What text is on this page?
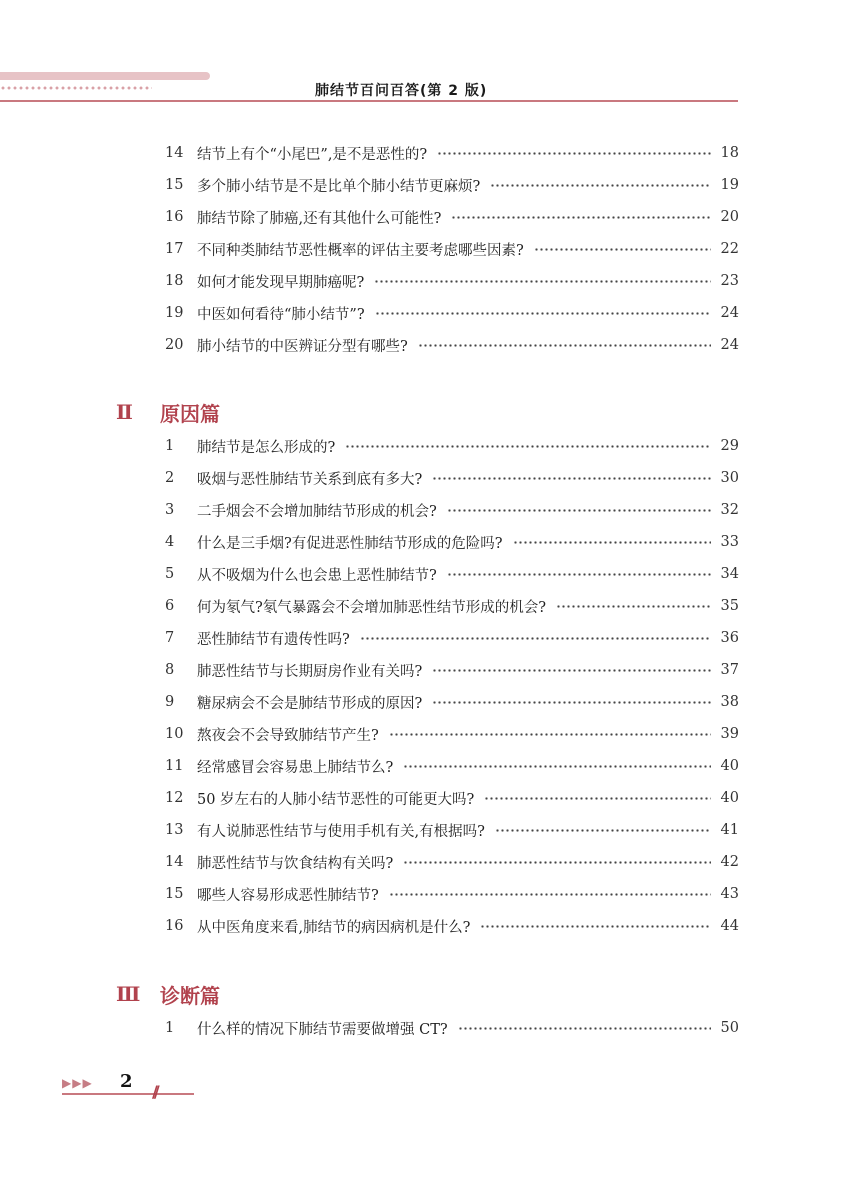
肺结节百问百答(第 2 版)
14 结节上有个“小尾巴”,是不是恶性的?	18
15 多个肺小结节是不是比单个肺小结节更麻烦?	19
16 肺结节除了肺癌,还有其他什么可能性?	20
17 不同种类肺结节恶性概率的评估主要考虑哪些因素?	22
18 如何才能发现早期肺癌呢?	23
19 中医如何看待“肺小结节”?	24
20 肺小结节的中医辨证分型有哪些?	24
Ⅱ	原因篇
1	肺结节是怎么形成的?	29
2	吸烟与恶性肺结节关系到底有多大?	30
3	二手烟会不会增加肺结节形成的机会?	32
4	什么是三手烟?有促进恶性肺结节形成的危险吗?	33
5	从不吸烟为什么也会患上恶性肺结节?	34
6	何为氡气?氡气暴露会不会增加肺恶性结节形成的机会?	35
7	恶性肺结节有遗传性吗?	36
8	肺恶性结节与长期厨房作业有关吗?	37
9	糖尿病会不会是肺结节形成的原因?	38
10 熬夜会不会导致肺结节产生?	39
11 经常感冒会容易患上肺结节么?	40
12 50 岁左右的人肺小结节恶性的可能更大吗?	40
13 有人说肺恶性结节与使用手机有关,有根据吗?	41
14 肺恶性结节与饮食结构有关吗?	42
15 哪些人容易形成恶性肺结节?	43
16 从中医角度来看,肺结节的病因病机是什么?	44
Ⅲ 诊断篇
1	什么样的情况下肺结节需要做增强 CT?	50
▶▶▶ 2 //
